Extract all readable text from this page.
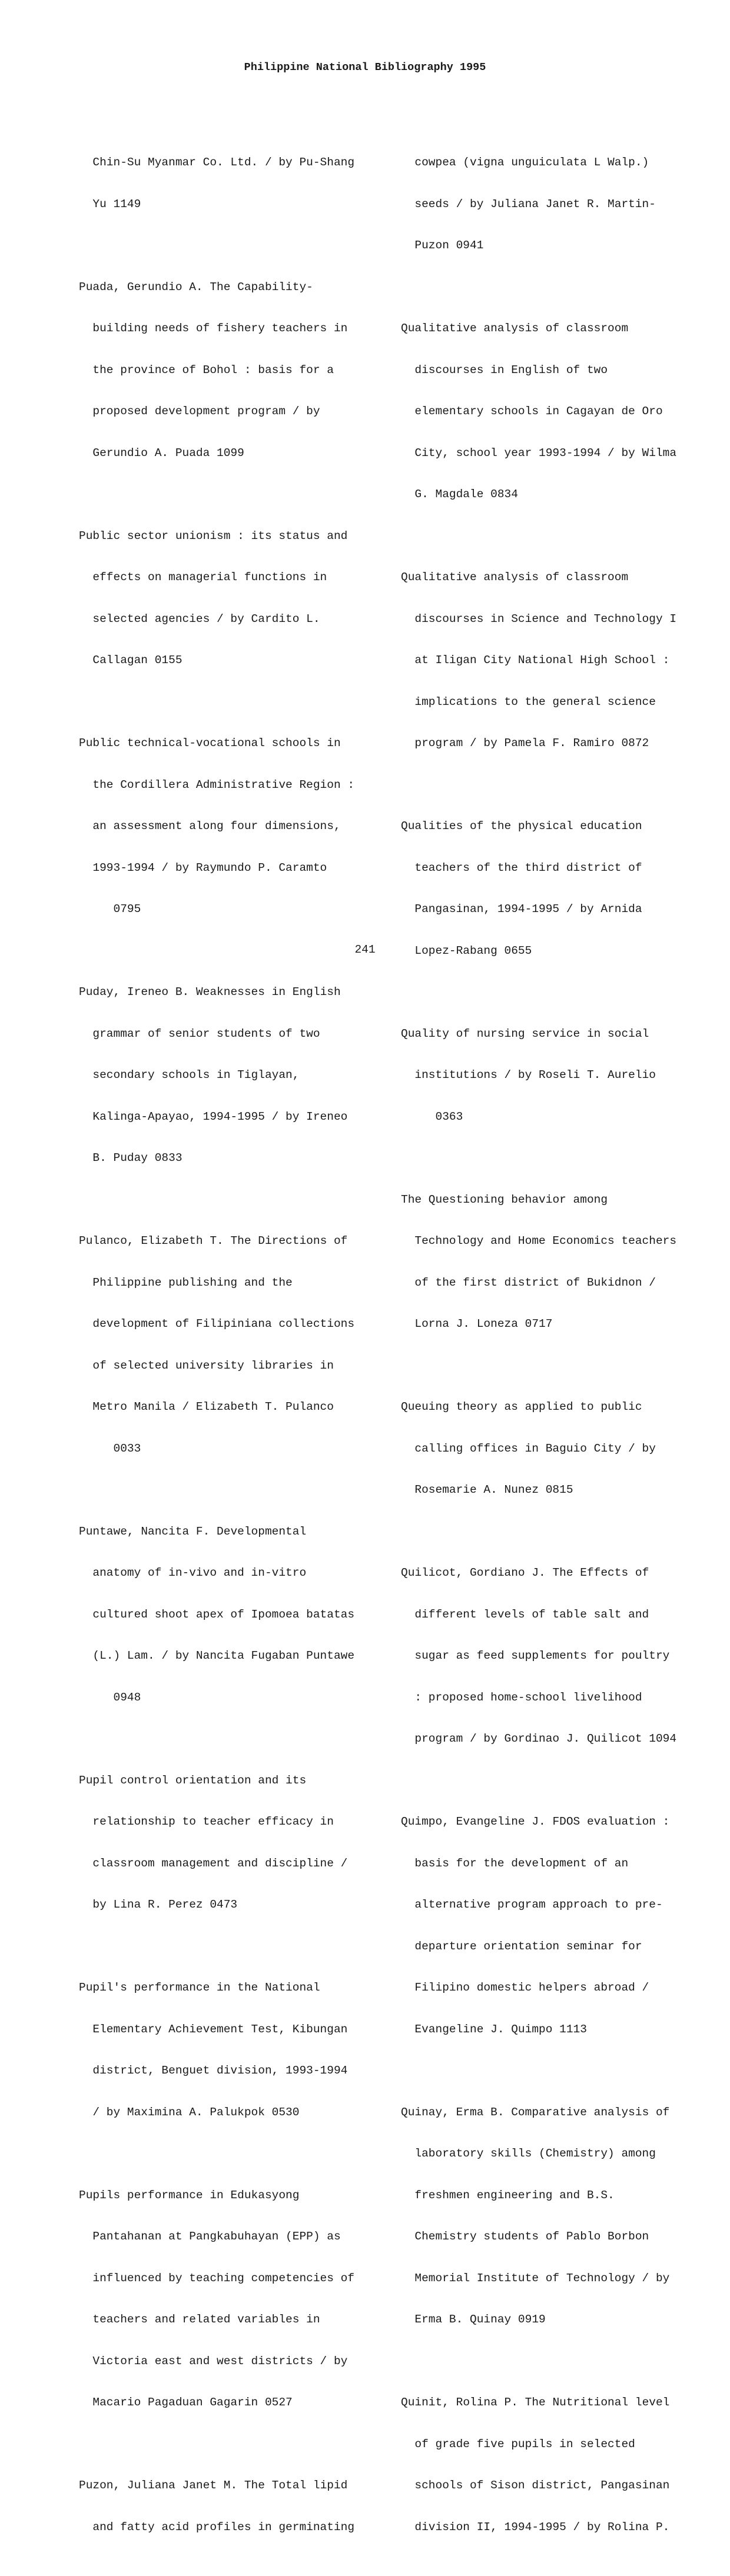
Philippine National Bibliography 1995

Chin-Su Myanmar Co. Ltd. / by Pu-Shang

Yu 1149

Puada, Gerundio A. The Capability-

building needs of fishery teachers in

the province of Bohol : basis for a

proposed development program / by

Gerundio A. Puada 1099

Public sector unionism : its status and

effects on managerial functions in

selected agencies / by Cardito L.

Callagan 0155

Public technical-vocational schools in

the Cordillera Administrative Region :

an assessment along four dimensions,

1993-1994 / by Raymundo P. Caramto

0795

Puday, Ireneo B. Weaknesses in English

grammar of senior students of two

secondary schools in Tiglayan,

Kalinga-Apayao, 1994-1995 / by Ireneo

B. Puday 0833

Pulanco, Elizabeth T. The Directions of

Philippine publishing and the

development of Filipiniana collections

of selected university libraries in

Metro Manila / Elizabeth T. Pulanco

0033

Puntawe, Nancita F. Developmental

anatomy of in-vivo and in-vitro

cultured shoot apex of Ipomoea batatas

(L.) Lam. / by Nancita Fugaban Puntawe

0948

Pupil control orientation and its

relationship to teacher efficacy in

classroom management and discipline /

by Lina R. Perez 0473

Pupil's performance in the National

Elementary Achievement Test, Kibungan

district, Benguet division, 1993-1994

/ by Maximina A. Palukpok 0530

Pupils performance in Edukasyong

Pantahanan at Pangkabuhayan (EPP) as

influenced by teaching competencies of

teachers and related variables in

Victoria east and west districts / by

Macario Pagaduan Gagarin 0527

Puzon, Juliana Janet M. The Total lipid

and fatty acid profiles in germinating

cowpea (vigna unguiculata L Walp.)

seeds / by Juliana Janet R. Martin-

Puzon 0941

Qualitative analysis of classroom

discourses in English of two

elementary schools in Cagayan de Oro

City, school year 1993-1994 / by Wilma

G. Magdale 0834

Qualitative analysis of classroom

discourses in Science and Technology I

at Iligan City National High School :

implications to the general science

program / by Pamela F. Ramiro 0872

Qualities of the physical education

teachers of the third district of

Pangasinan, 1994-1995 / by Arnida

Lopez-Rabang 0655

Quality of nursing service in social

institutions / by Roseli T. Aurelio

0363

The Questioning behavior among

Technology and Home Economics teachers

of the first district of Bukidnon /

Lorna J. Loneza 0717

Queuing theory as applied to public

calling offices in Baguio City / by

Rosemarie A. Nunez 0815

Quilicot, Gordiano J. The Effects of

different levels of table salt and

sugar as feed supplements for poultry

: proposed home-school livelihood

program / by Gordinao J. Quilicot 1094

Quimpo, Evangeline J. FDOS evaluation :

basis for the development of an

alternative program approach to pre-

departure orientation seminar for

Filipino domestic helpers abroad /

Evangeline J. Quimpo 1113

Quinay, Erma B. Comparative analysis of

laboratory skills (Chemistry) among

freshmen engineering and B.S.

Chemistry students of Pablo Borbon

Memorial Institute of Technology / by

Erma B. Quinay 0919

Quinit, Rolina P. The Nutritional level

of grade five pupils in selected

schools of Sison district, Pangasinan

division II, 1994-1995 / by Rolina P.

241
